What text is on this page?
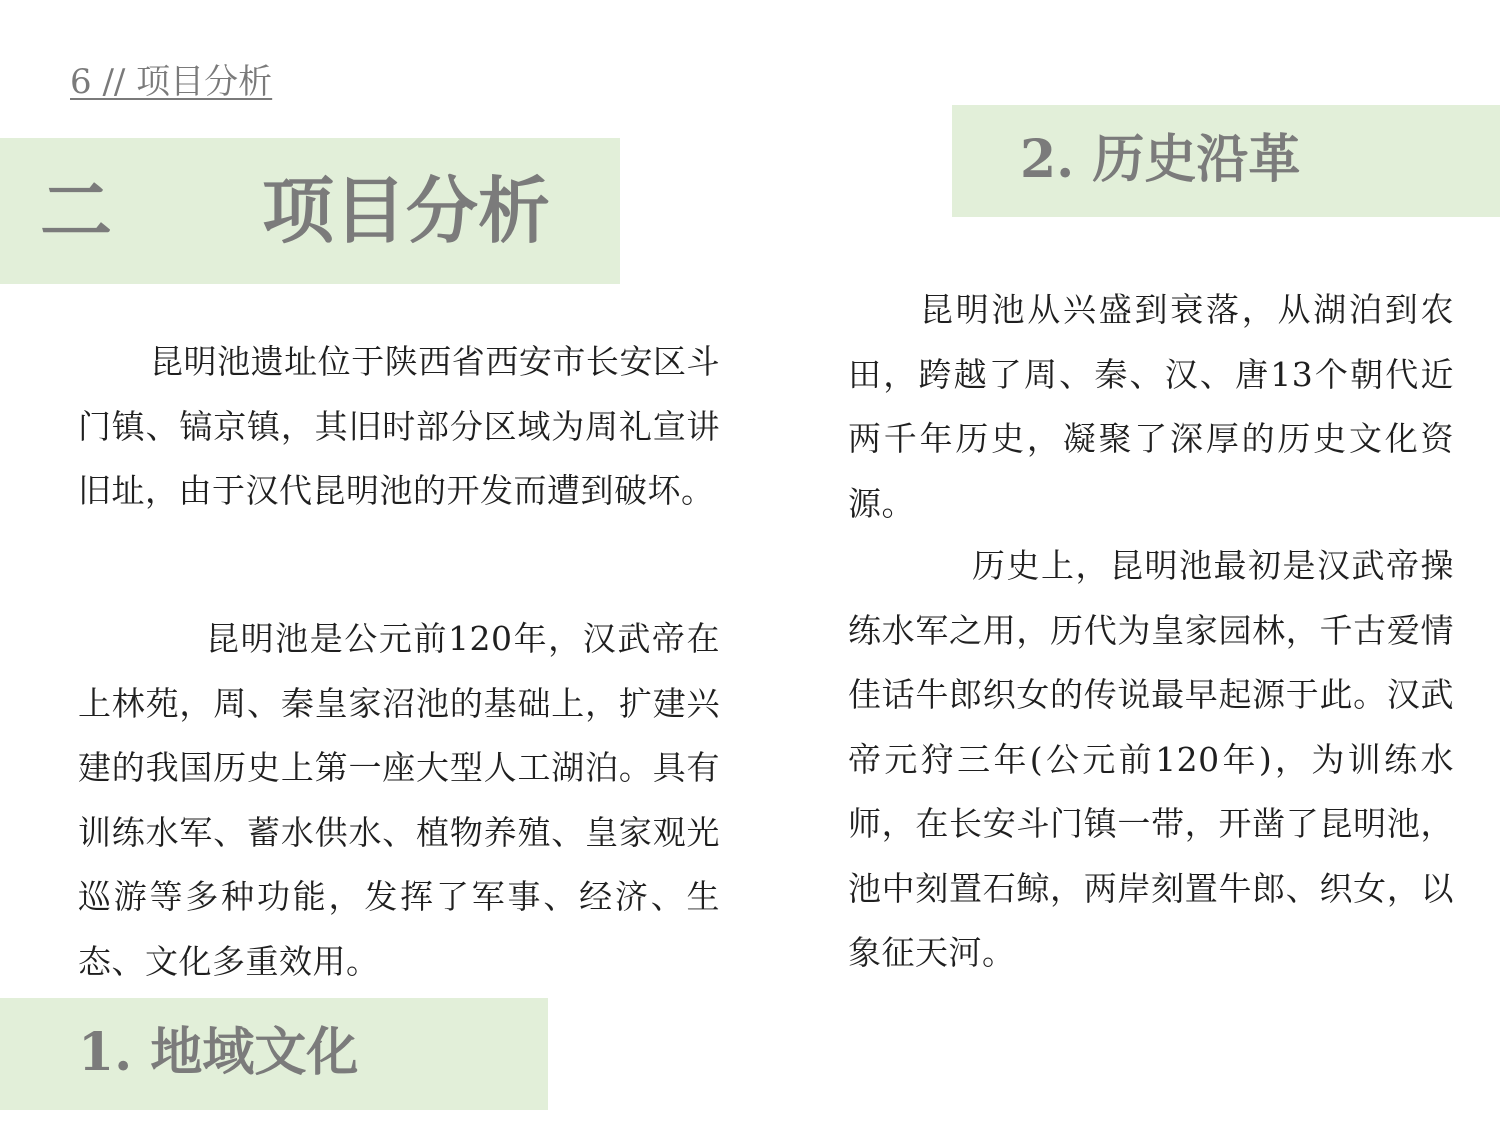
6 // 项目分析
二 项目分析

昆明池遗址位于陕西省西安市长安区斗门镇、镐京镇，其旧时部分区域为周礼宣讲旧址，由于汉代昆明池的开发而遭到破坏。

昆明池是公元前120年，汉武帝在上林苑，周、秦皇家沼池的基础上，扩建兴建的我国历史上第一座大型人工湖泊。具有训练水军、蓄水供水、植物养殖、皇家观光巡游等多种功能，发挥了军事、经济、生态、文化多重效用。

1. 地域文化
2. 历史沿革

昆明池从兴盛到衰落，从湖泊到农田，跨越了周、秦、汉、唐13个朝代近两千年历史，凝聚了深厚的历史文化资源。

历史上，昆明池最初是汉武帝操练水军之用，历代为皇家园林，千古爱情佳话牛郎织女的传说最早起源于此。汉武帝元狩三年(公元前120年)，为训练水师，在长安斗门镇一带，开凿了昆明池，池中刻置石鲸，两岸刻置牛郎、织女，以象征天河。
